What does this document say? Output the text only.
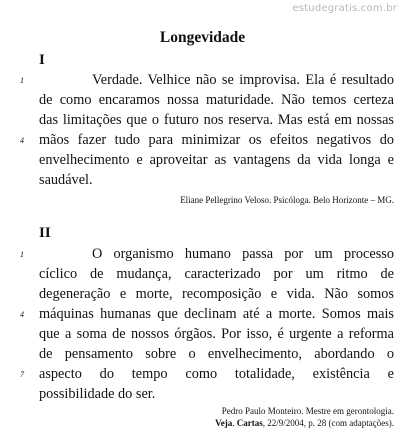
estudegratis.com.br
Longevidade
I
1	Verdade. Velhice não se improvisa. Ela é resultado
de como encaramos nossa maturidade. Não temos certeza
das limitações que o futuro nos reserva. Mas está em nossas
4 mãos fazer tudo para minimizar os efeitos negativos do
envelhecimento e aproveitar as vantagens da vida longa e
saudável.
Eliane Pellegrino Veloso. Psicóloga. Belo Horizonte – MG.
II
1	O organismo humano passa por um processo
cíclico de mudança, caracterizado por um ritmo de
degeneração e morte, recomposição e vida. Não somos
4 máquinas humanas que declinam até a morte. Somos mais
que a soma de nossos órgãos. Por isso, é urgente a reforma
de pensamento sobre o envelhecimento, abordando o
7 aspecto do tempo como totalidade, existência e
possibilidade do ser.
Pedro Paulo Monteiro. Mestre em gerontologia.
Veja. Cartas, 22/9/2004, p. 28 (com adaptações).
